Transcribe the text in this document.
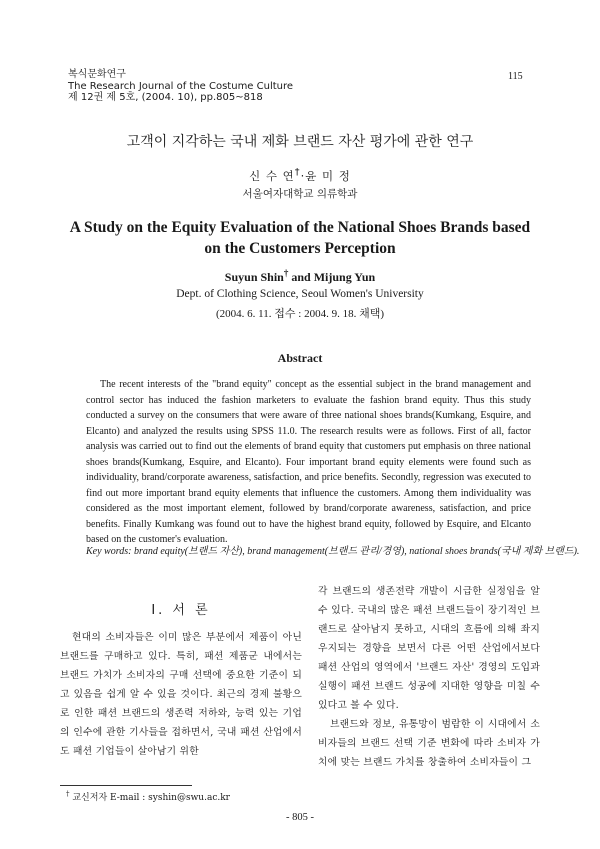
복식문화연구
The Research Journal of the Costume Culture
제 12권 제 5호, (2004. 10), pp.805~818
115
고객이 지각하는 국내 제화 브랜드 자산 평가에 관한 연구
신 수 연†·윤 미 정
서울여자대학교 의류학과
A Study on the Equity Evaluation of the National Shoes Brands based on the Customers Perception
Suyun Shin† and Mijung Yun
Dept. of Clothing Science, Seoul Women's University
(2004. 6. 11. 접수 : 2004. 9. 18. 채택)
Abstract

The recent interests of the "brand equity" concept as the essential subject in the brand management and control sector has induced the fashion marketers to evaluate the fashion brand equity. Thus this study conducted a survey on the consumers that were aware of three national shoes brands(Kumkang, Esquire, and Elcanto) and analyzed the results using SPSS 11.0. The research results were as follows. First of all, factor analysis was carried out to find out the elements of brand equity that customers put emphasis on three national shoes brands(Kumkang, Esquire, and Elcanto). Four important brand equity elements were found such as individuality, brand/corporate awareness, satisfaction, and price benefits. Secondly, regression was executed to find out more important brand equity elements that influence the customers. Among them individuality was considered as the most important element, followed by brand/corporate awareness, satisfaction, and price benefits. Finally Kumkang was found out to have the highest brand equity, followed by Esquire, and Elcanto based on the customer's evaluation.

Key words: brand equity(브랜드 자산), brand management(브랜드 관리/경영), national shoes brands(국내 제화 브랜드).

Ⅰ. 서 론

현대의 소비자들은 이미 많은 부분에서 제품이 아닌 브랜드를 구매하고 있다. 특히, 패션 제품군 내에서는 브랜드 가치가 소비자의 구매 선택에 중요한 기준이 되고 있음을 쉽게 알 수 있을 것이다. 최근의 경제 불황으로 인한 패션 브랜드의 생존력 저하와, 능력 있는 기업의 인수에 관한 기사들을 접하면서, 국내 패션 산업에서도 패션 기업들이 살아남기 위한

각 브랜드의 생존전략 개발이 시급한 실정임을 알 수 있다. 국내의 많은 패션 브랜드들이 장기적인 브랜드로 살아남지 못하고, 시대의 흐름에 의해 좌지우지되는 경향을 보면서 다른 어떤 산업에서보다 패션 산업의 영역에서 '브랜드 자산' 경영의 도입과 실행이 패션 브랜드 성공에 지대한 영향을 미칠 수 있다고 볼 수 있다.

브랜드와 정보, 유통망이 범람한 이 시대에서 소비자들의 브랜드 선택 기준 변화에 따라 소비자 가치에 맞는 브랜드 가치를 창출하여 소비자들이 그

† 교신저자 E-mail : syshin@swu.ac.kr
- 805 -
